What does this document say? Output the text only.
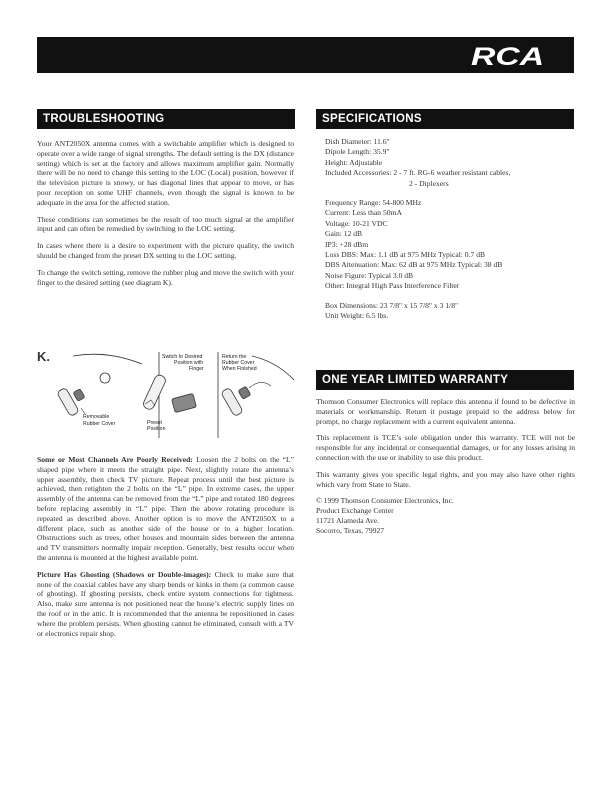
RCA
TROUBLESHOOTING

Your ANT2050X antenna comes with a switchable amplifier which is designed to operate over a wide range of signal strengths. The default setting is the DX (distance setting) which is set at the factory and allows maximum amplifier gain. Normally there will be no need to change this setting to the LOC (Local) position, however if the television picture is snowy, or has diagonal lines that appear to move, or has poor reception on some UHF channels, even though the signal is known to be adequate in the area for the affected station.

These conditions can sometimes be the result of too much signal at the amplifier input and can often be remedied by switching to the LOC setting.

In cases where there is a desire to experiment with the picture quality, the switch should be changed from the preset DX setting to the LOC setting.

To change the switch setting, remove the rubber plug and move the switch with your finger to the desired setting (see diagram K).

K.
Removable
Rubber Cover
Switch to Desired
Position with
Finger
Preset
Position
Return the
Rubber Cover
When Finished

Some or Most Channels Are Poorly Received: Loosen the 2 bolts on the “L” shaped pipe where it meets the straight pipe. Next, slightly rotate the antenna’s upper assembly, then check TV picture. Repeat process until the best picture is achieved, then retighten the 2 bolts on the “L” pipe. In extreme cases, the upper assembly of the antenna can be removed from the “L” pipe and rotated 180 degrees before replacing assembly in “L” pipe. Then the above rotating procedure is repeated as described above. Another option is to move the ANT2050X to a different place, such as another side of the house or to a higher location. Obstructions such as trees, other houses and mountain sides between the antenna and TV transmitters normally impair reception. Generally, best results occur when the antenna is mounted at the highest available point.

Picture Has Ghosting (Shadows or Double-images): Check to make sure that none of the coaxial cables have any sharp bends or kinks in them (a common cause of ghosting). If ghosting persists, check entire system connections for tightness. Also, make sure antenna is not positioned near the house’s electric supply lines on the roof or in the attic. It is recommended that the antenna be repositioned in cases where the problem persists. When ghosting cannot be eliminated, consult with a TV or electronics repair shop.

SPECIFICATIONS
Dish Diameter: 11.6"
Dipole Length: 35.9"
Height: Adjustable
Included Accessories: 2 - 7 ft. RG-6 weather resistant cables,
2 - Diplexers
Frequency Range: 54-800 MHz
Current: Less than 50mA
Voltage: 10-21 VDC
Gain: 12 dB
IP3: +28 dBm
Loss DBS: Max: 1.1 dB at 975 MHz Typical: 0.7 dB
DBS Attenuation: Max: 62 dB at 975 MHz Typical: 38 dB
Noise Figure: Typical 3.0 dB
Other: Integral High Pass Interference Filter
Box Dimensions: 23 7/8" x 15 7/8" x 3 1/8"
Unit Weight: 6.5 lbs.
ONE YEAR LIMITED WARRANTY

Thomson Consumer Electronics will replace this antenna if found to be defective in materials or workmanship. Return it postage prepaid to the address below for prompt, no charge replacement with a current equivalent antenna.

This replacement is TCE’s sole obligation under this warranty. TCE will not be responsible for any incidental or consequential damages, or for any losses arising in connection with the use or inability to use this product.

This warranty gives you specific legal rights, and you may also have other rights which vary from State to State.

© 1999 Thomson Consumer Electronics, Inc.
Product Exchange Center
11721 Alameda Ave.
Socorro, Texas, 79927
